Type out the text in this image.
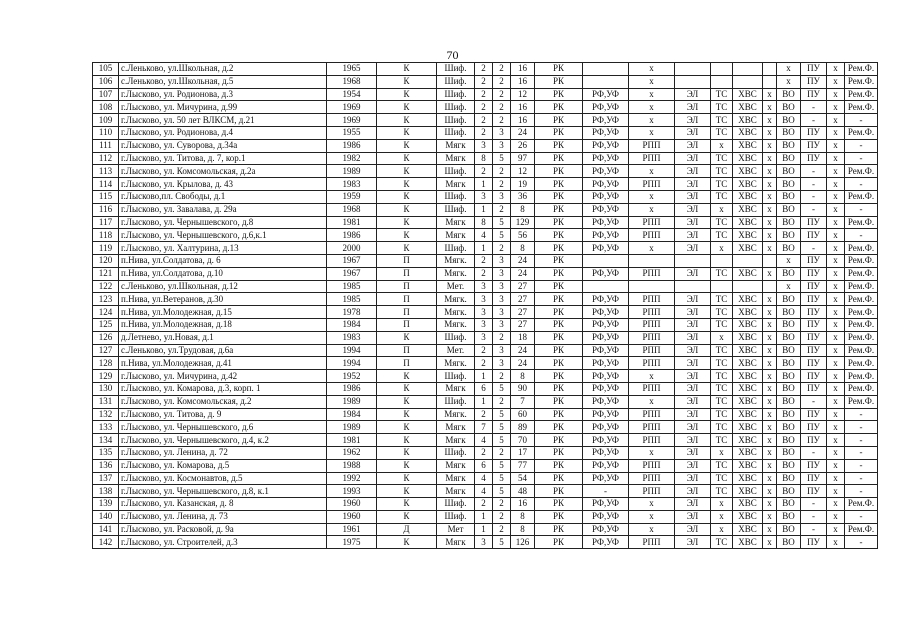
70
105	с.Леньково, ул.Школьная, д.2	1965	К	Шиф.	2	2	16	РК		х					х	ПУ	х	Рем.Ф.
106	с.Леньково, ул.Школьная, д.5	1968	К	Шиф.	2	2	16	РК		х					х	ПУ	х	Рем.Ф.
107	г.Лысково, ул. Родионова, д.3	1954	К	Шиф.	2	2	12	РК	РФ,УФ	х	ЭЛ	ТС	ХВС	х	ВО	ПУ	х	Рем.Ф.
108	г.Лысково, ул. Мичурина, д.99	1969	К	Шиф.	2	2	16	РК	РФ,УФ	х	ЭЛ	ТС	ХВС	х	ВО	-	х	Рем.Ф.
109	г.Лысково, ул. 50 лет ВЛКСМ, д.21	1969	К	Шиф.	2	2	16	РК	РФ,УФ	х	ЭЛ	ТС	ХВС	х	ВО	-	х	-
110	г.Лысково, ул. Родионова, д.4	1955	К	Шиф.	2	3	24	РК	РФ,УФ	х	ЭЛ	ТС	ХВС	х	ВО	ПУ	х	Рем.Ф.
111	г.Лысково, ул. Суворова, д.34а	1986	К	Мягк	3	3	26	РК	РФ,УФ	РПП	ЭЛ	х	ХВС	х	ВО	ПУ	х	-
112	г.Лысково, ул. Титова, д. 7, кор.1	1982	К	Мягк	8	5	97	РК	РФ,УФ	РПП	ЭЛ	ТС	ХВС	х	ВО	ПУ	х	-
113	г.Лысково, ул. Комсомольская, д.2а	1989	К	Шиф.	2	2	12	РК	РФ,УФ	х	ЭЛ	ТС	ХВС	х	ВО	-	х	Рем.Ф.
114	г.Лысково, ул. Крылова, д. 43	1983	К	Мягк	1	2	19	РК	РФ,УФ	РПП	ЭЛ	ТС	ХВС	х	ВО	-	х	-
115	г.Лысково,пл. Свободы, д.1	1959	К	Шиф.	3	3	36	РК	РФ,УФ	х	ЭЛ	ТС	ХВС	х	ВО	-	х	Рем.Ф.
116	г.Лысково, ул. Завалава, д. 29а	1968	К	Шиф.	1	2	8	РК	РФ,УФ	х	ЭЛ	х	ХВС	х	ВО	-	х	-
117	г.Лысково, ул. Чернышевского, д.8	1981	К	Мягк	8	5	129	РК	РФ,УФ	РПП	ЭЛ	ТС	ХВС	х	ВО	ПУ	х	Рем.Ф.
118	г.Лысково, ул. Чернышевского, д.6,к.1	1986	К	Мягк	4	5	56	РК	РФ,УФ	РПП	ЭЛ	ТС	ХВС	х	ВО	ПУ	х	-
119	г.Лысково, ул. Халтурина, д.13	2000	К	Шиф.	1	2	8	РК	РФ,УФ	х	ЭЛ	х	ХВС	х	ВО	-	х	Рем.Ф.
120	п.Нива, ул.Солдатова, д. 6	1967	П	Мягк.	2	3	24	РК							х	ПУ	х	Рем.Ф.
121	п.Нива, ул.Солдатова, д.10	1967	П	Мягк.	2	3	24	РК	РФ,УФ	РПП	ЭЛ	ТС	ХВС	х	ВО	ПУ	х	Рем.Ф.
122	с.Леньково, ул.Школьная, д.12	1985	П	Мет.	3	3	27	РК							х	ПУ	х	Рем.Ф.
123	п.Нива, ул.Ветеранов, д.30	1985	П	Мягк.	3	3	27	РК	РФ,УФ	РПП	ЭЛ	ТС	ХВС	х	ВО	ПУ	х	Рем.Ф.
124	п.Нива, ул.Молодежная, д.15	1978	П	Мягк.	3	3	27	РК	РФ,УФ	РПП	ЭЛ	ТС	ХВС	х	ВО	ПУ	х	Рем.Ф.
125	п.Нива, ул.Молодежная, д.18	1984	П	Мягк.	3	3	27	РК	РФ,УФ	РПП	ЭЛ	ТС	ХВС	х	ВО	ПУ	х	Рем.Ф.
126	д.Летнево, ул.Новая, д.1	1983	К	Шиф.	3	2	18	РК	РФ,УФ	РПП	ЭЛ	х	ХВС	х	ВО	ПУ	х	Рем.Ф.
127	с.Леньково, ул.Трудовая, д.6а	1994	П	Мет.	2	3	24	РК	РФ,УФ	РПП	ЭЛ	ТС	ХВС	х	ВО	ПУ	х	Рем.Ф.
128	п.Нива, ул.Молодежная, д.41	1994	П	Мягк.	2	3	24	РК	РФ,УФ	РПП	ЭЛ	ТС	ХВС	х	ВО	ПУ	х	Рем.Ф.
129	г.Лысково, ул. Мичурина, д.42	1952	К	Шиф.	1	2	8	РК	РФ,УФ	х	ЭЛ	ТС	ХВС	х	ВО	ПУ	х	Рем.Ф.
130	г.Лысково, ул. Комарова, д.3, корп. 1	1986	К	Мягк	6	5	90	РК	РФ,УФ	РПП	ЭЛ	ТС	ХВС	х	ВО	ПУ	х	Рем.Ф.
131	г.Лысково, ул. Комсомольская, д.2	1989	К	Шиф.	1	2	7	РК	РФ,УФ	х	ЭЛ	ТС	ХВС	х	ВО	-	х	Рем.Ф.
132	г.Лысково, ул. Титова, д. 9	1984	К	Мягк.	2	5	60	РК	РФ,УФ	РПП	ЭЛ	ТС	ХВС	х	ВО	ПУ	х	-
133	г.Лысково, ул. Чернышевского, д.6	1989	К	Мягк	7	5	89	РК	РФ,УФ	РПП	ЭЛ	ТС	ХВС	х	ВО	ПУ	х	-
134	г.Лысково, ул. Чернышевского, д.4, к.2	1981	К	Мягк	4	5	70	РК	РФ,УФ	РПП	ЭЛ	ТС	ХВС	х	ВО	ПУ	х	-
135	г.Лысково, ул. Ленина, д. 72	1962	К	Шиф.	2	2	17	РК	РФ,УФ	х	ЭЛ	х	ХВС	х	ВО	-	х	-
136	г.Лысково, ул. Комарова, д.5	1988	К	Мягк	6	5	77	РК	РФ,УФ	РПП	ЭЛ	ТС	ХВС	х	ВО	ПУ	х	-
137	г.Лысково, ул. Космонавтов, д.5	1992	К	Мягк	4	5	54	РК	РФ,УФ	РПП	ЭЛ	ТС	ХВС	х	ВО	ПУ	х	-
138	г.Лысково, ул. Чернышевского, д.8, к.1	1993	К	Мягк	4	5	48	РК	-	РПП	ЭЛ	ТС	ХВС	х	ВО	ПУ	х	-
139	г.Лысково, ул. Казанская, д. 8	1960	К	Шиф.	2	2	16	РК	РФ,УФ	х	ЭЛ	х	ХВС	х	ВО	-	х	Рем.Ф.
140	г.Лысково, ул. Ленина, д. 73	1960	К	Шиф.	1	2	8	РК	РФ,УФ	х	ЭЛ	х	ХВС	х	ВО	-	х	-
141	г.Лысково, ул. Расковой, д. 9а	1961	Д	Мет	1	2	8	РК	РФ,УФ	х	ЭЛ	х	ХВС	х	ВО	-	х	Рем.Ф.
142	г.Лысково, ул. Строителей, д.3	1975	К	Мягк	3	5	126	РК	РФ,УФ	РПП	ЭЛ	ТС	ХВС	х	ВО	ПУ	х	-
